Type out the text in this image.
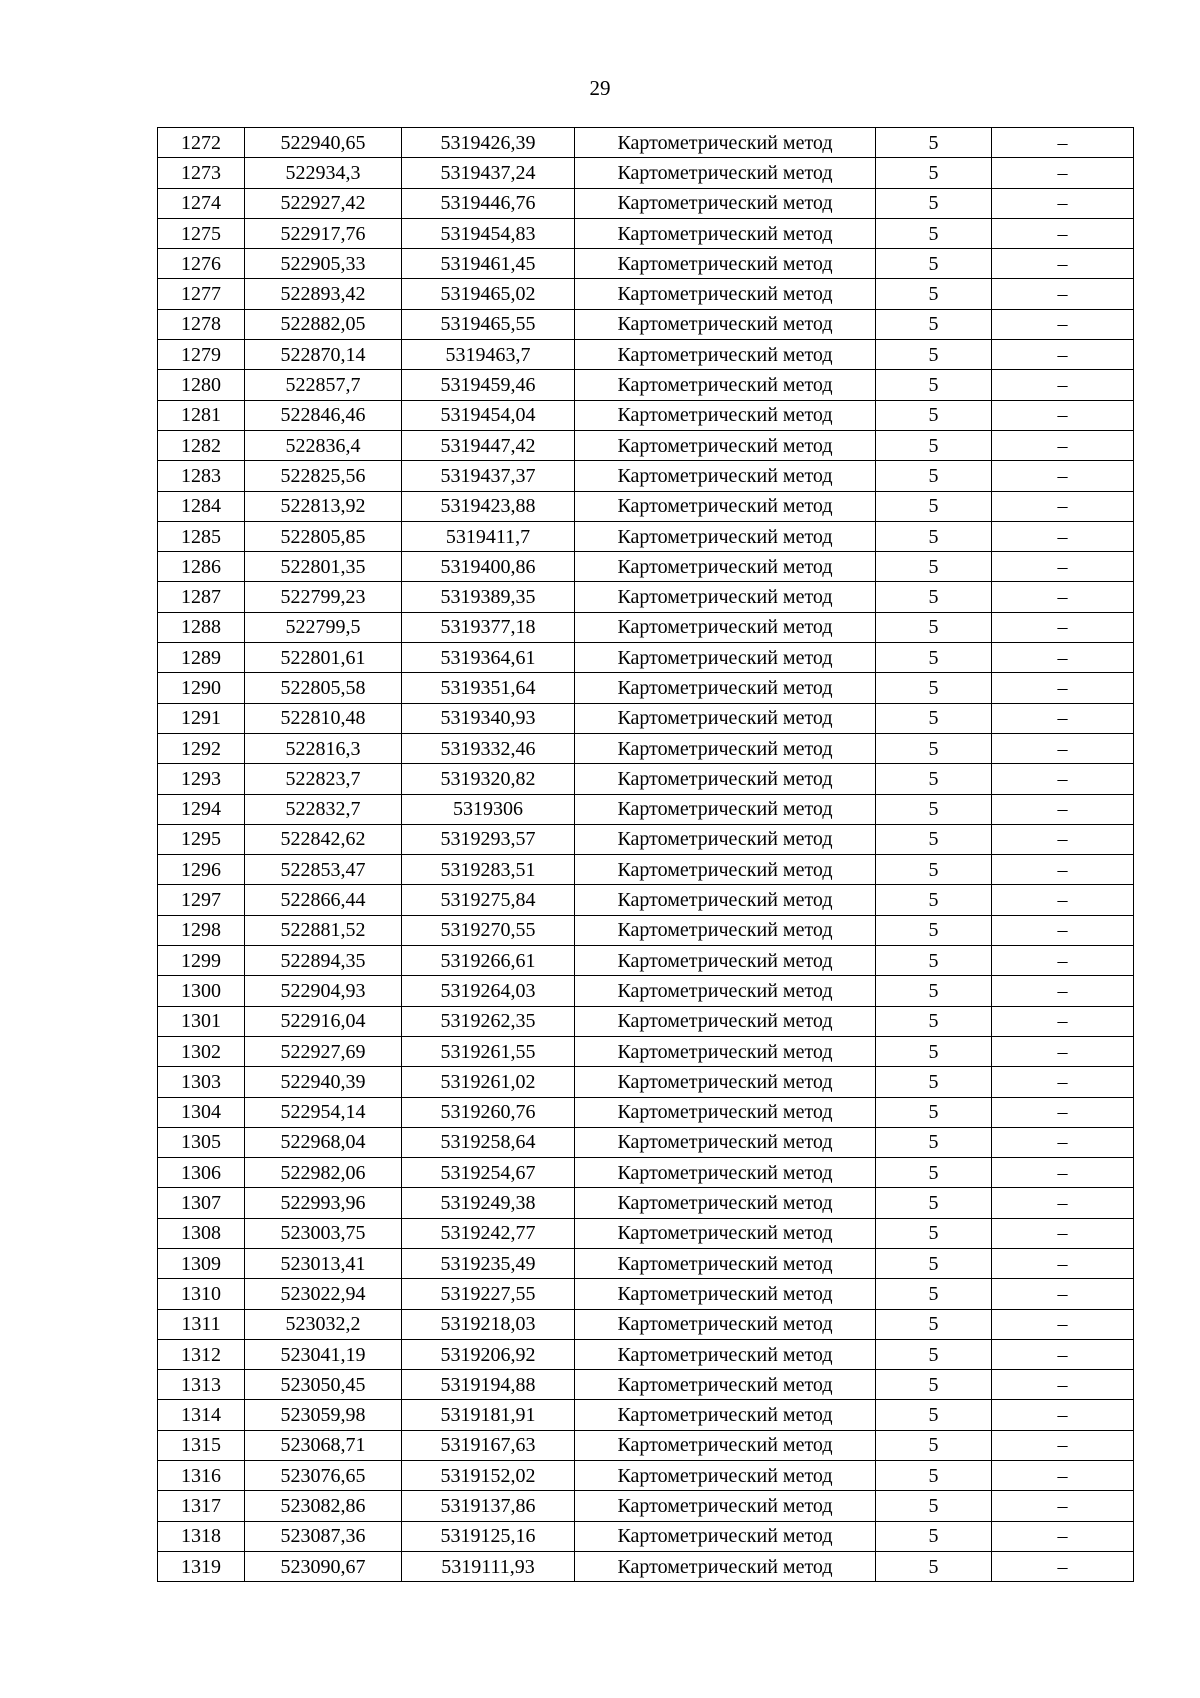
29
1272	522940,65	5319426,39	Картометрический метод	5	–
1273	522934,3	5319437,24	Картометрический метод	5	–
1274	522927,42	5319446,76	Картометрический метод	5	–
1275	522917,76	5319454,83	Картометрический метод	5	–
1276	522905,33	5319461,45	Картометрический метод	5	–
1277	522893,42	5319465,02	Картометрический метод	5	–
1278	522882,05	5319465,55	Картометрический метод	5	–
1279	522870,14	5319463,7	Картометрический метод	5	–
1280	522857,7	5319459,46	Картометрический метод	5	–
1281	522846,46	5319454,04	Картометрический метод	5	–
1282	522836,4	5319447,42	Картометрический метод	5	–
1283	522825,56	5319437,37	Картометрический метод	5	–
1284	522813,92	5319423,88	Картометрический метод	5	–
1285	522805,85	5319411,7	Картометрический метод	5	–
1286	522801,35	5319400,86	Картометрический метод	5	–
1287	522799,23	5319389,35	Картометрический метод	5	–
1288	522799,5	5319377,18	Картометрический метод	5	–
1289	522801,61	5319364,61	Картометрический метод	5	–
1290	522805,58	5319351,64	Картометрический метод	5	–
1291	522810,48	5319340,93	Картометрический метод	5	–
1292	522816,3	5319332,46	Картометрический метод	5	–
1293	522823,7	5319320,82	Картометрический метод	5	–
1294	522832,7	5319306	Картометрический метод	5	–
1295	522842,62	5319293,57	Картометрический метод	5	–
1296	522853,47	5319283,51	Картометрический метод	5	–
1297	522866,44	5319275,84	Картометрический метод	5	–
1298	522881,52	5319270,55	Картометрический метод	5	–
1299	522894,35	5319266,61	Картометрический метод	5	–
1300	522904,93	5319264,03	Картометрический метод	5	–
1301	522916,04	5319262,35	Картометрический метод	5	–
1302	522927,69	5319261,55	Картометрический метод	5	–
1303	522940,39	5319261,02	Картометрический метод	5	–
1304	522954,14	5319260,76	Картометрический метод	5	–
1305	522968,04	5319258,64	Картометрический метод	5	–
1306	522982,06	5319254,67	Картометрический метод	5	–
1307	522993,96	5319249,38	Картометрический метод	5	–
1308	523003,75	5319242,77	Картометрический метод	5	–
1309	523013,41	5319235,49	Картометрический метод	5	–
1310	523022,94	5319227,55	Картометрический метод	5	–
1311	523032,2	5319218,03	Картометрический метод	5	–
1312	523041,19	5319206,92	Картометрический метод	5	–
1313	523050,45	5319194,88	Картометрический метод	5	–
1314	523059,98	5319181,91	Картометрический метод	5	–
1315	523068,71	5319167,63	Картометрический метод	5	–
1316	523076,65	5319152,02	Картометрический метод	5	–
1317	523082,86	5319137,86	Картометрический метод	5	–
1318	523087,36	5319125,16	Картометрический метод	5	–
1319	523090,67	5319111,93	Картометрический метод	5	–
